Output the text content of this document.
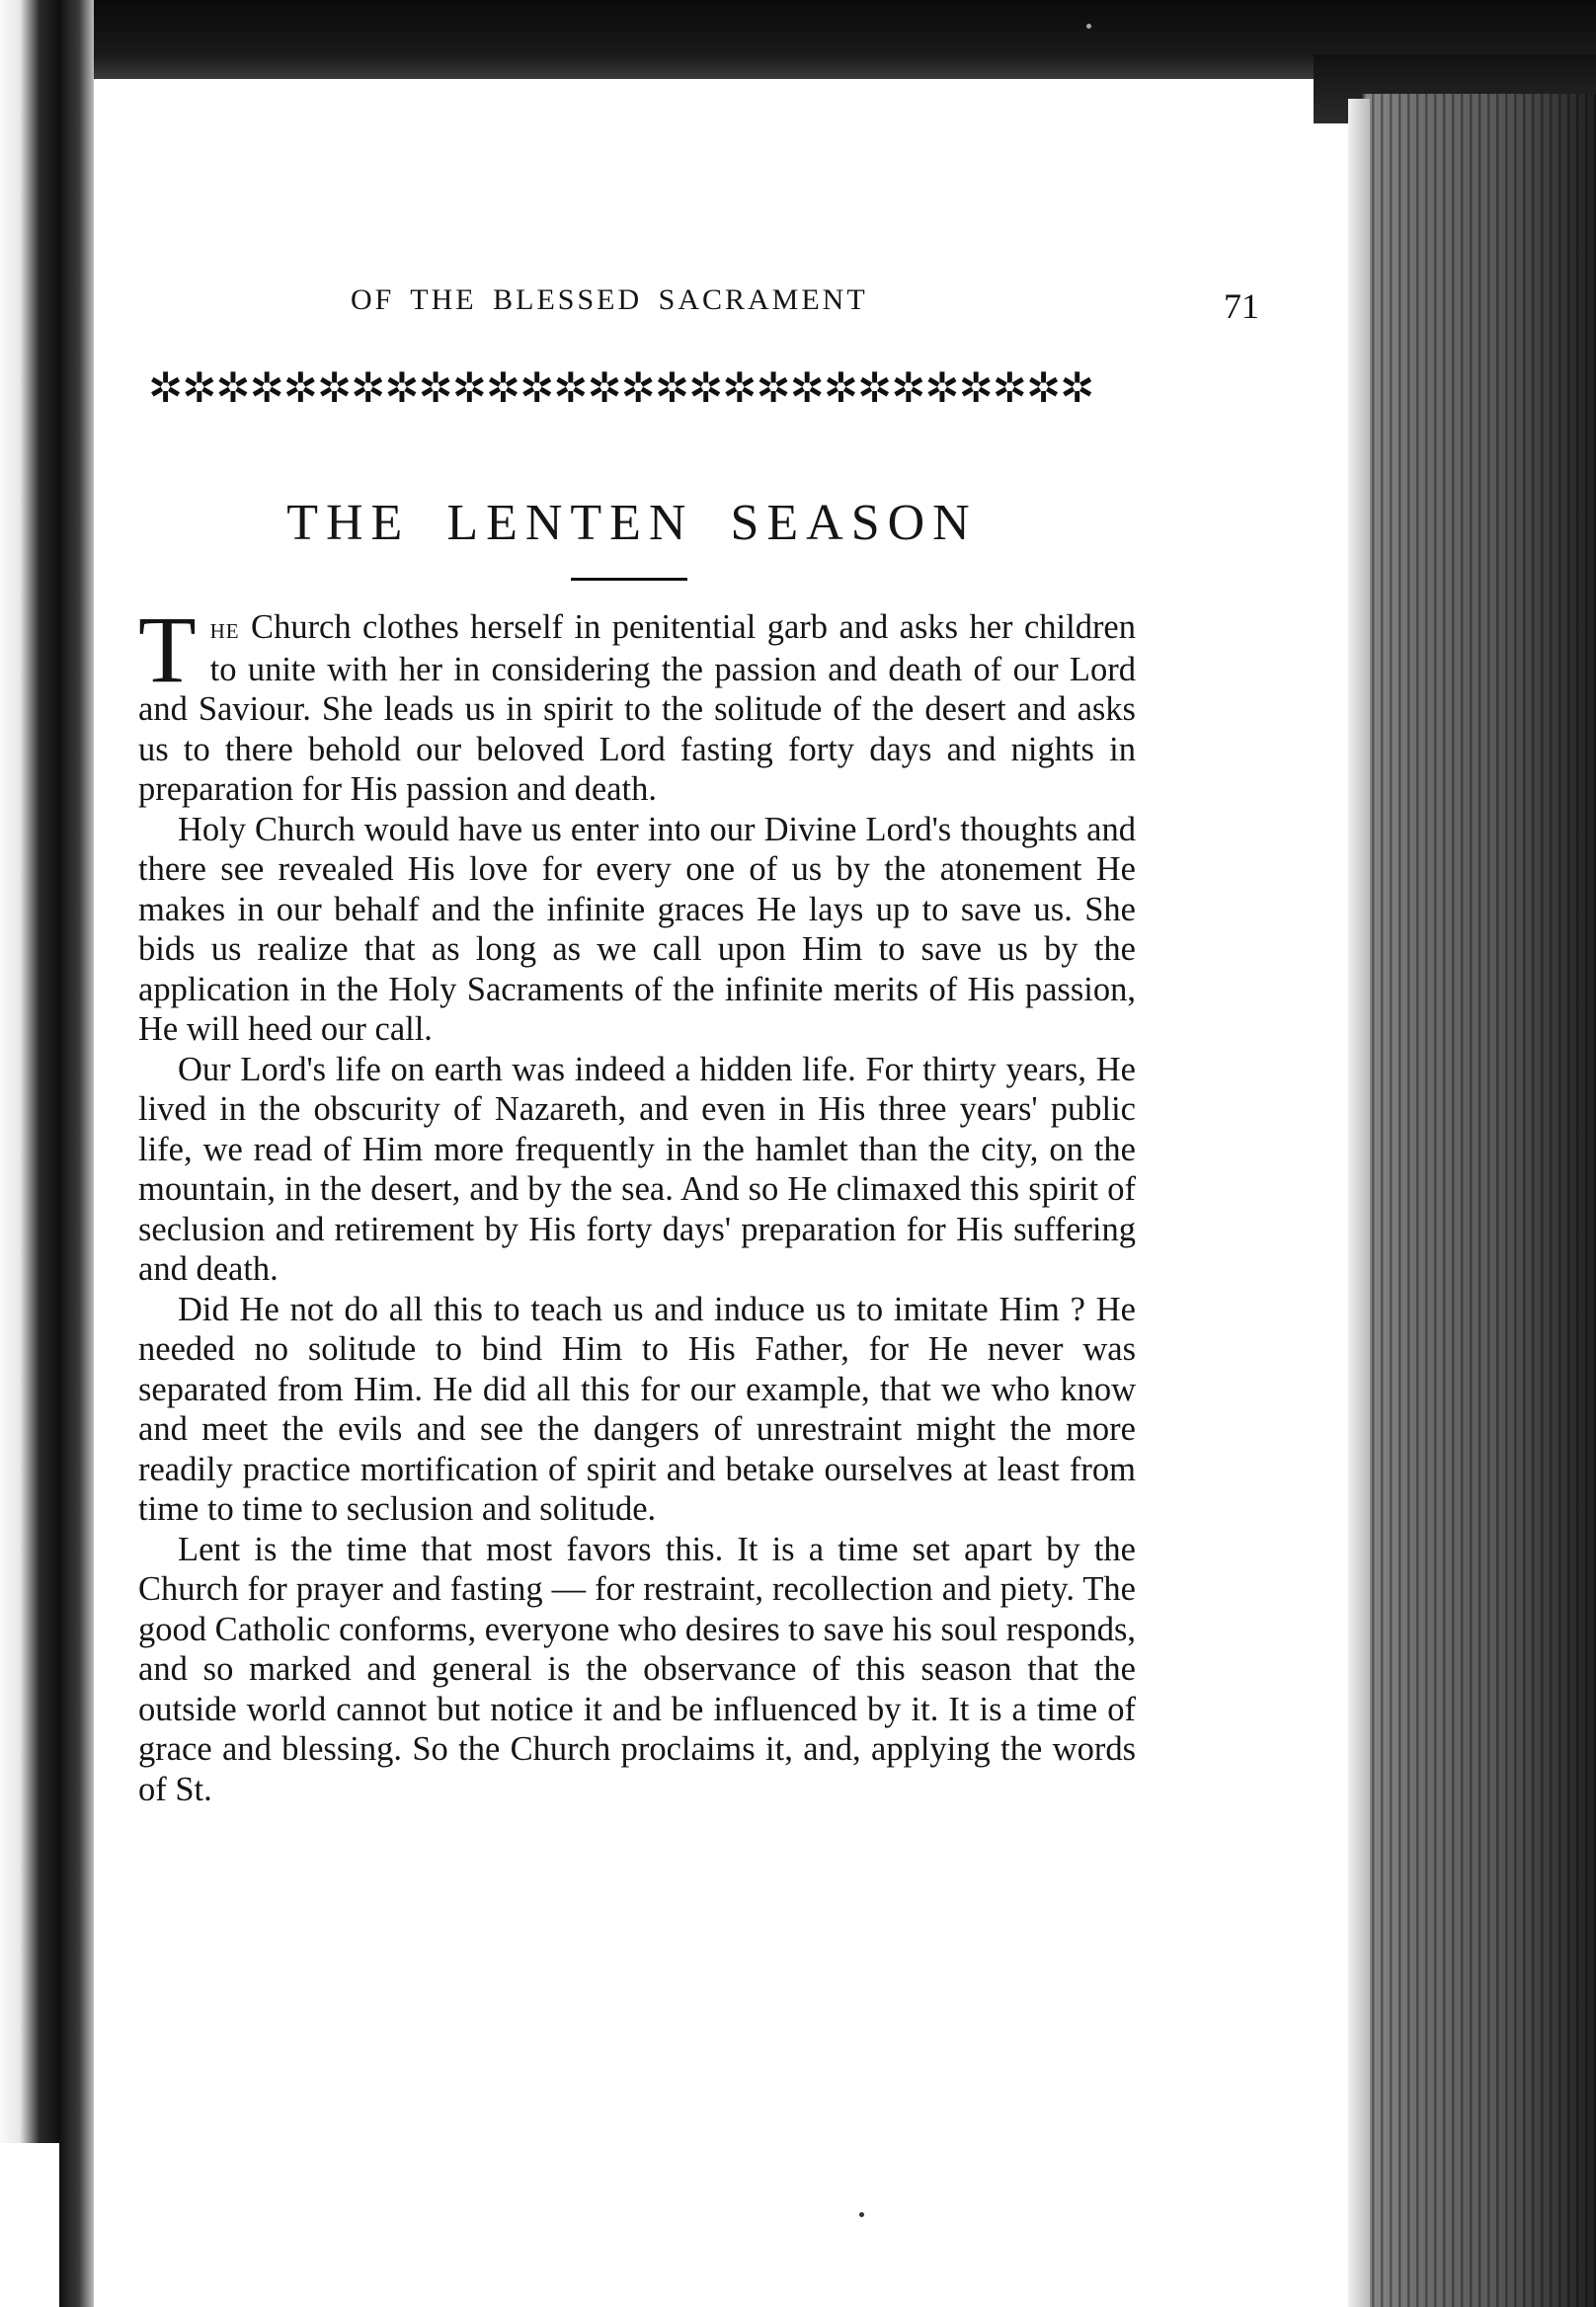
OF THE BLESSED SACRAMENT	71
✲✲✲✲✲✲✲✲✲✲✲✲✲✲✲✲✲✲✲✲✲✲✲✲✲✲✲✲
THE LENTEN SEASON

The Church clothes herself in penitential garb and asks her children to unite with her in considering the passion and death of our Lord and Saviour. She leads us in spirit to the solitude of the desert and asks us to there behold our beloved Lord fasting forty days and nights in preparation for His passion and death.

Holy Church would have us enter into our Divine Lord's thoughts and there see revealed His love for every one of us by the atonement He makes in our behalf and the infinite graces He lays up to save us. She bids us realize that as long as we call upon Him to save us by the application in the Holy Sacraments of the infinite merits of His passion, He will heed our call.

Our Lord's life on earth was indeed a hidden life. For thirty years, He lived in the obscurity of Nazareth, and even in His three years' public life, we read of Him more frequently in the hamlet than the city, on the mountain, in the desert, and by the sea. And so He climaxed this spirit of seclusion and retirement by His forty days' preparation for His suffering and death.

Did He not do all this to teach us and induce us to imitate Him ? He needed no solitude to bind Him to His Father, for He never was separated from Him. He did all this for our example, that we who know and meet the evils and see the dangers of unrestraint might the more readily practice mortification of spirit and betake ourselves at least from time to time to seclusion and solitude.

Lent is the time that most favors this. It is a time set apart by the Church for prayer and fasting — for restraint, recollection and piety. The good Catholic conforms, everyone who desires to save his soul responds, and so marked and general is the observance of this season that the outside world cannot but notice it and be influenced by it. It is a time of grace and blessing. So the Church proclaims it, and, applying the words of St.
